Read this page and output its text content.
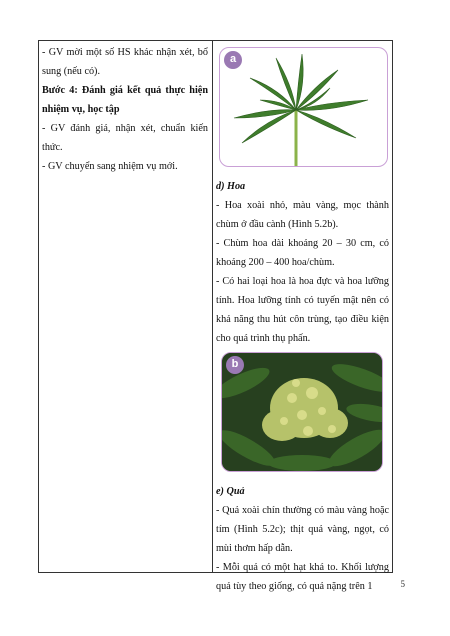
- GV mời một số HS khác nhận xét, bổ sung (nếu có).

Bước 4: Đánh giá kết quả thực hiện nhiệm vụ, học tập

- GV đánh giá, nhận xét, chuẩn kiến thức.

- GV chuyển sang nhiệm vụ mới.

a

d) Hoa

- Hoa xoài nhỏ, màu vàng, mọc thành chùm ở đầu cành (Hình 5.2b).

- Chùm hoa dài khoảng 20 – 30 cm, có khoảng 200 – 400 hoa/chùm.

- Có hai loại hoa là hoa đực và hoa lưỡng tính. Hoa lưỡng tính có tuyến mật nên có khả năng thu hút côn trùng, tạo điều kiện cho quá trình thụ phấn.

b

e) Quả

- Quả xoài chín thường có màu vàng hoặc tím (Hình 5.2c); thịt quả vàng, ngọt, có mùi thơm hấp dẫn.

- Mỗi quả có một hạt khá to. Khối lượng quả tùy theo giống, có quả nặng trên 1	5
